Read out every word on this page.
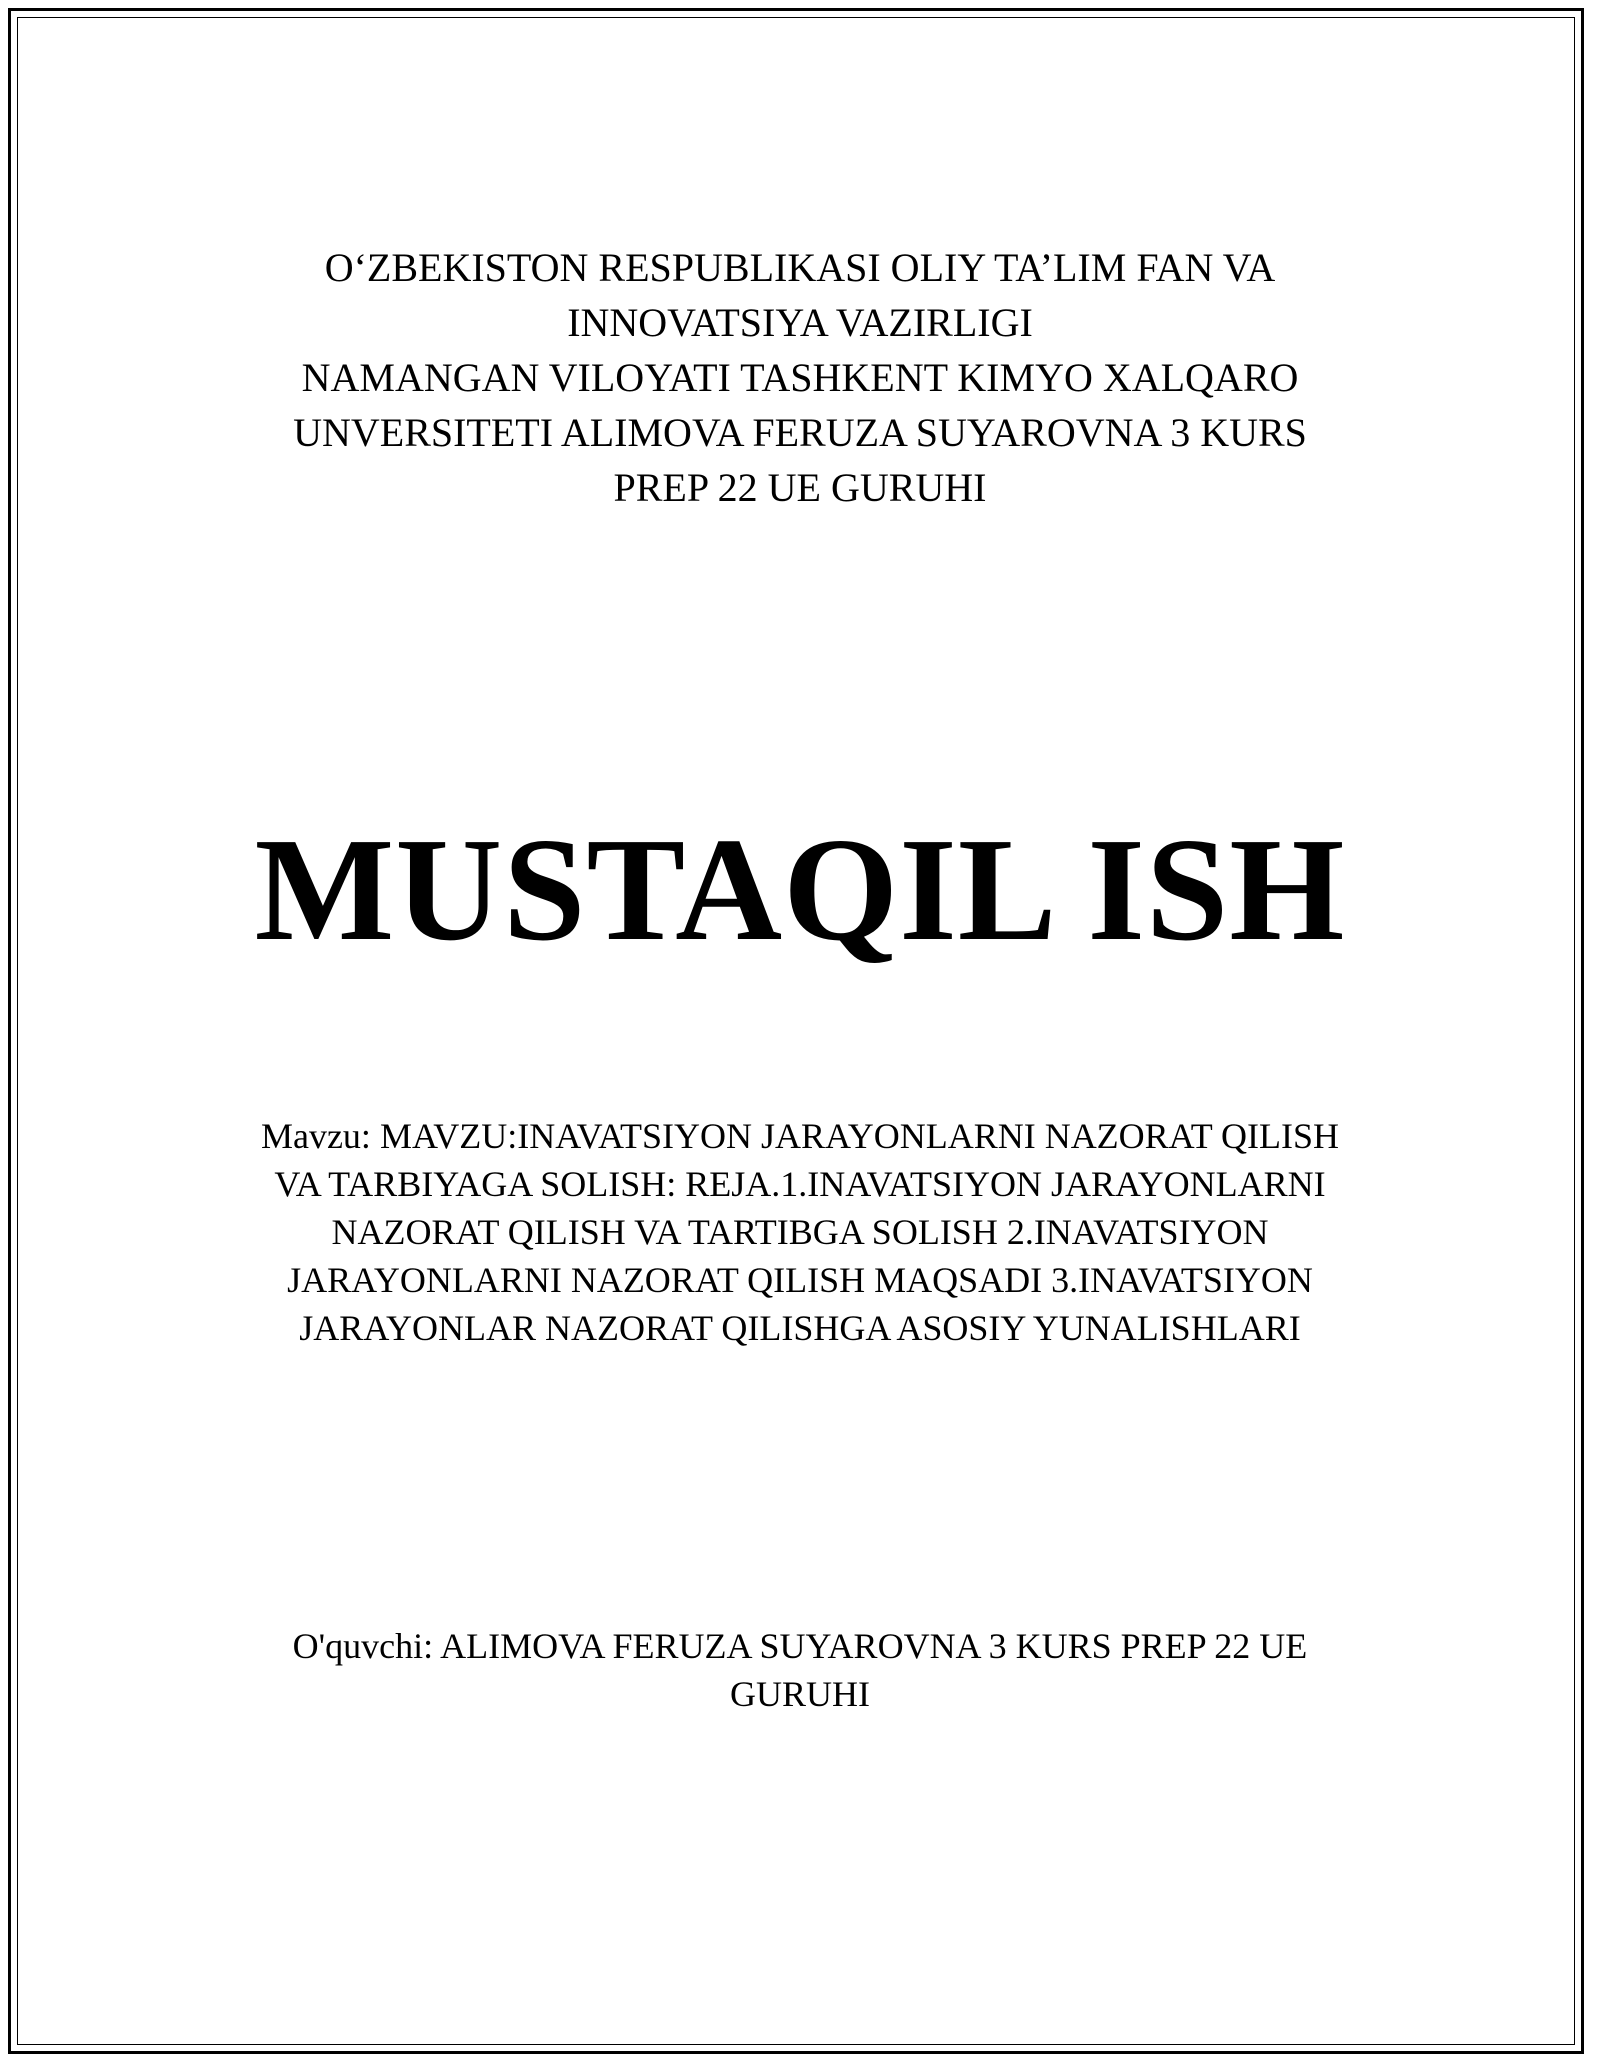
O‘ZBEKISTON RESPUBLIKASI OLIY TA’LIM FAN VA
INNOVATSIYA VAZIRLIGI
NAMANGAN VILOYATI TASHKENT KIMYO XALQARO
UNVERSITETI ALIMOVA FERUZA SUYAROVNA 3 KURS
PREP 22 UE GURUHI
MUSTAQIL ISH
Mavzu: MAVZU:INAVATSIYON JARAYONLARNI NAZORAT QILISH
VA TARBIYAGA SOLISH: REJA.1.INAVATSIYON JARAYONLARNI
NAZORAT QILISH VA TARTIBGA SOLISH 2.INAVATSIYON
JARAYONLARNI NAZORAT QILISH MAQSADI 3.INAVATSIYON
JARAYONLAR NAZORAT QILISHGA ASOSIY YUNALISHLARI
O'quvchi: ALIMOVA FERUZA SUYAROVNA 3 KURS PREP 22 UE
GURUHI
